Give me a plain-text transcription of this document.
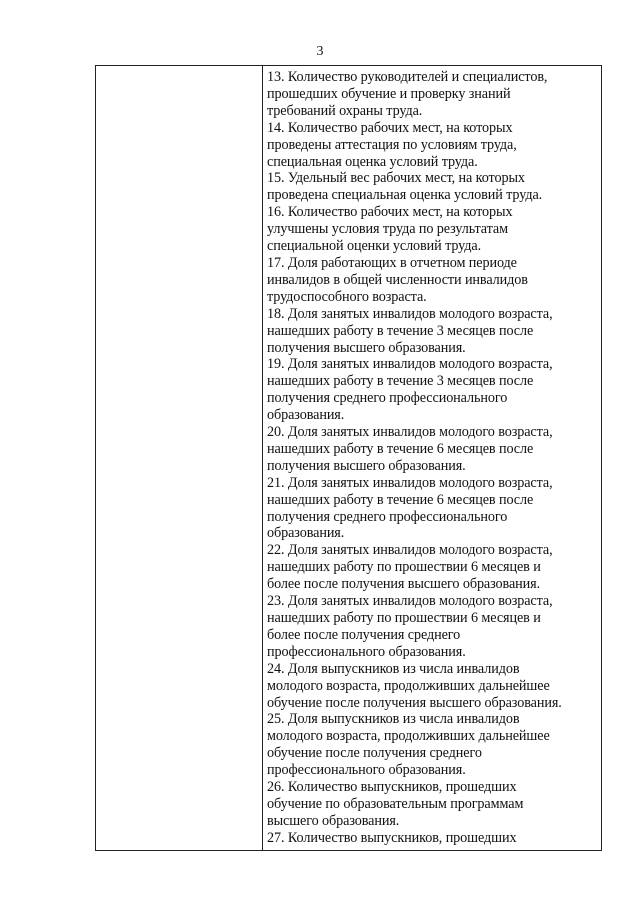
3

13. Количество руководителей и специалистов,
прошедших обучение и проверку знаний
требований охраны труда.

14. Количество рабочих мест, на которых
проведены аттестация по условиям труда,
специальная оценка условий труда.

15. Удельный вес рабочих мест, на которых
проведена специальная оценка условий труда.

16. Количество рабочих мест, на которых
улучшены условия труда по результатам
специальной оценки условий труда.

17. Доля работающих в отчетном периоде
инвалидов в общей численности инвалидов
трудоспособного возраста.

18. Доля занятых инвалидов молодого возраста,
нашедших работу в течение 3 месяцев после
получения высшего образования.

19. Доля занятых инвалидов молодого возраста,
нашедших работу в течение 3 месяцев после
получения среднего профессионального
образования.

20. Доля занятых инвалидов молодого возраста,
нашедших работу в течение 6 месяцев после
получения высшего образования.

21. Доля занятых инвалидов молодого возраста,
нашедших работу в течение 6 месяцев после
получения среднего профессионального
образования.

22. Доля занятых инвалидов молодого возраста,
нашедших работу по прошествии 6 месяцев и
более после получения высшего образования.

23. Доля занятых инвалидов молодого возраста,
нашедших работу по прошествии 6 месяцев и
более после получения среднего
профессионального образования.

24. Доля выпускников из числа инвалидов
молодого возраста, продолживших дальнейшее
обучение после получения высшего образования.

25. Доля выпускников из числа инвалидов
молодого возраста, продолживших дальнейшее
обучение после получения среднего
профессионального образования.

26. Количество выпускников, прошедших
обучение по образовательным программам
высшего образования.

27. Количество выпускников, прошедших
